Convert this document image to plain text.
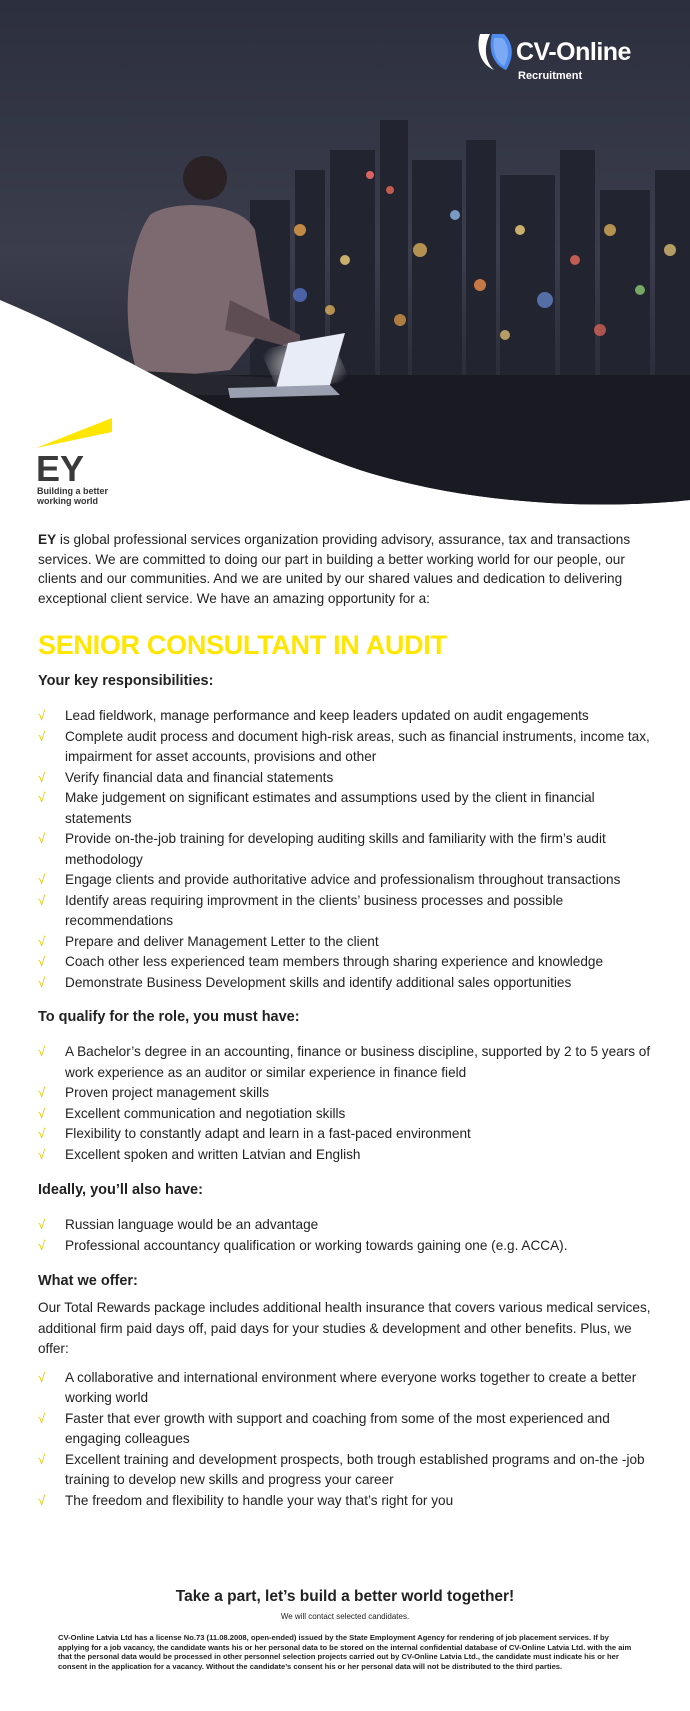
CV-Online
Recruitment
EY
Building a better
working world

EY is global professional services organization providing advisory, assurance, tax and transactions services. We are committed to doing our part in building a better working world for our people, our clients and our communities. And we are united by our shared values and dedication to delivering exceptional client service. We have an amazing opportunity for a:

SENIOR CONSULTANT IN AUDIT
Your key responsibilities:
√ Lead fieldwork, manage performance and keep leaders updated on audit engagements
√ Complete audit process and document high-risk areas, such as financial instruments, income tax, impairment for asset accounts, provisions and other
√ Verify financial data and financial statements
√ Make judgement on significant estimates and assumptions used by the client in financial statements
√ Provide on-the-job training for developing auditing skills and familiarity with the firm’s audit methodology
√ Engage clients and provide authoritative advice and professionalism throughout transactions
√ Identify areas requiring improvment in the clients’ business processes and possible recommendations
√ Prepare and deliver Management Letter to the client
√ Coach other less experienced team members through sharing experience and knowledge
√ Demonstrate Business Development skills and identify additional sales opportunities
To qualify for the role, you must have:
√ A Bachelor’s degree in an accounting, finance or business discipline, supported by 2 to 5 years of work experience as an auditor or similar experience in finance field
√ Proven project management skills
√ Excellent communication and negotiation skills
√ Flexibility to constantly adapt and learn in a fast-paced environment
√ Excellent spoken and written Latvian and English
Ideally, you’ll also have:
√ Russian language would be an advantage
√ Professional accountancy qualification or working towards gaining one (e.g. ACCA).
What we offer:

Our Total Rewards package includes additional health insurance that covers various medical services, additional firm paid days off, paid days for your studies & development and other benefits. Plus, we offer:

√ A collaborative and international environment where everyone works together to create a better working world
√ Faster that ever growth with support and coaching from some of the most experienced and engaging colleagues
√ Excellent training and development prospects, both trough established programs and on-the -job training to develop new skills and progress your career
√ The freedom and flexibility to handle your way that’s right for you
Take a part, let’s build a better world together!
We will contact selected candidates.

CV-Online Latvia Ltd has a license No.73 (11.08.2008, open-ended) issued by the State Employment Agency for rendering of job placement services. If by applying for a job vacancy, the candidate wants his or her personal data to be stored on the internal confidential database of CV-Online Latvia Ltd. with the aim that the personal data would be processed in other personnel selection projects carried out by CV-Online Latvia Ltd., the candidate must indicate his or her consent in the application for a vacancy. Without the candidate’s consent his or her personal data will not be distributed to the third parties.
